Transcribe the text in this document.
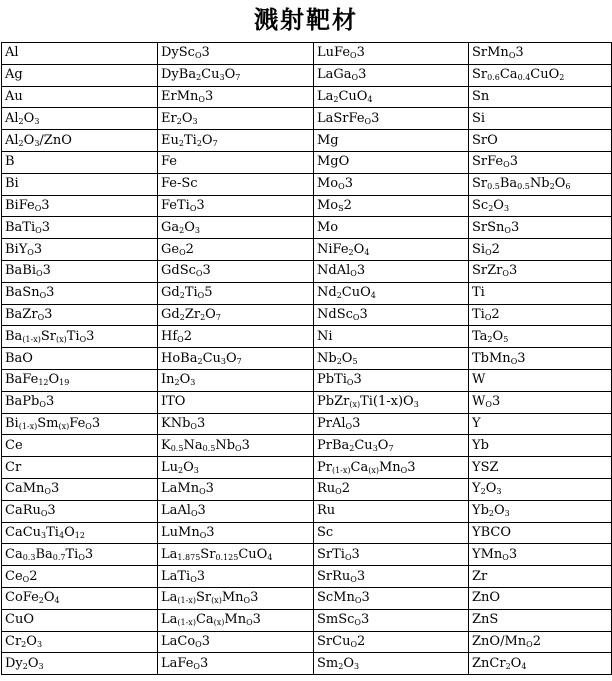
溅射靶材
Al	DySc$_O$3	LuFe$_O$3	SrMn$_O$3
Ag	$DyBa_2Cu_3O_7$	LaGa$_O$3	$Sr_{0.6}Ca_{0.4}CuO_2$
Au	ErMn$_O$3	$La_2CuO_4$	Sn
$Al_2O_3$	$Er_2O_3$	LaSrFe$_O$3	Si
$Al_2O_3$/ZnO	$Eu_2Ti_2O_7$	Mg	SrO
B	Fe	MgO	SrFe$_O$3
Bi	Fe-Sc	$Mo_O3$	$Sr_{0.5}Ba_{0.5}Nb_2O_6$
BiFe$_O$3	FeTi$_O$3	$Mo_S2$	$Sc_2O_3$
BaTi$_O$3	$Ga_2O_3$	Mo	SrSn$_O$3
BiY$_O$3	$Ge_O2$	$NiFe_2O_4$	$Si_O2$
BaBi$_O$3	GdSc$_O$3	NdAl$_O$3	SrZr$_O$3
BaSn$_O$3	$Gd_2Ti_O5$	$Nd_2CuO_4$	Ti
BaZr$_O$3	$Gd_2Zr_2O_7$	NdSc$_O$3	$Ti_O2$
$Ba_{(1-x)}Sr_{(x)}Ti_O3$	$Hf_O2$	Ni	$Ta_2O_5$
BaO	$HoBa_2Cu_3O_7$	$Nb_2O_5$	TbMn$_O$3
$BaFe_{12}O_{19}$	$In_2O_3$	PbTi$_O$3	W
BaPb$_O$3	ITO	$PbZr_{(x)}Ti(1-x)O_3$	$W_O3$
$Bi_{(1-x)}Sm_{(x)}Fe_O3$	KNb$_O$3	PrAl$_O$3	Y
Ce	$K_{0.5}Na_{0.5}Nb_O3$	$PrBa_2Cu_3O_7$	Yb
Cr	$Lu_2O_3$	$Pr_{(1-x)}Ca_{(x)}Mn_O3$	YSZ
CaMn$_O$3	LaMn$_O$3	$Ru_O2$	$Y_2O_3$
CaRu$_O$3	LaAl$_O$3	Ru	$Yb_2O_3$
$CaCu_3Ti_4O_{12}$	LuMn$_O$3	Sc	YBCO
$Ca_{0.3}Ba_{0.7}Ti_O3$	$La_{1.875}Sr_{0.125}CuO_4$	SrTi$_O$3	YMn$_O$3
$Ce_O2$	LaTi$_O$3	SrRu$_O$3	Zr
$CoFe_2O_4$	$La_{(1-x)}Sr_{(x)}Mn_O3$	ScMn$_O$3	ZnO
CuO	$La_{(1-x)}Ca_{(x)}Mn_O3$	SmSc$_O$3	ZnS
$Cr_2O_3$	LaCo$_O$3	SrCu$_O$2	ZnO/$Mn_O2$
$Dy_2O_3$	LaFe$_O$3	$Sm_2O_3$	$ZnCr_2O_4$
